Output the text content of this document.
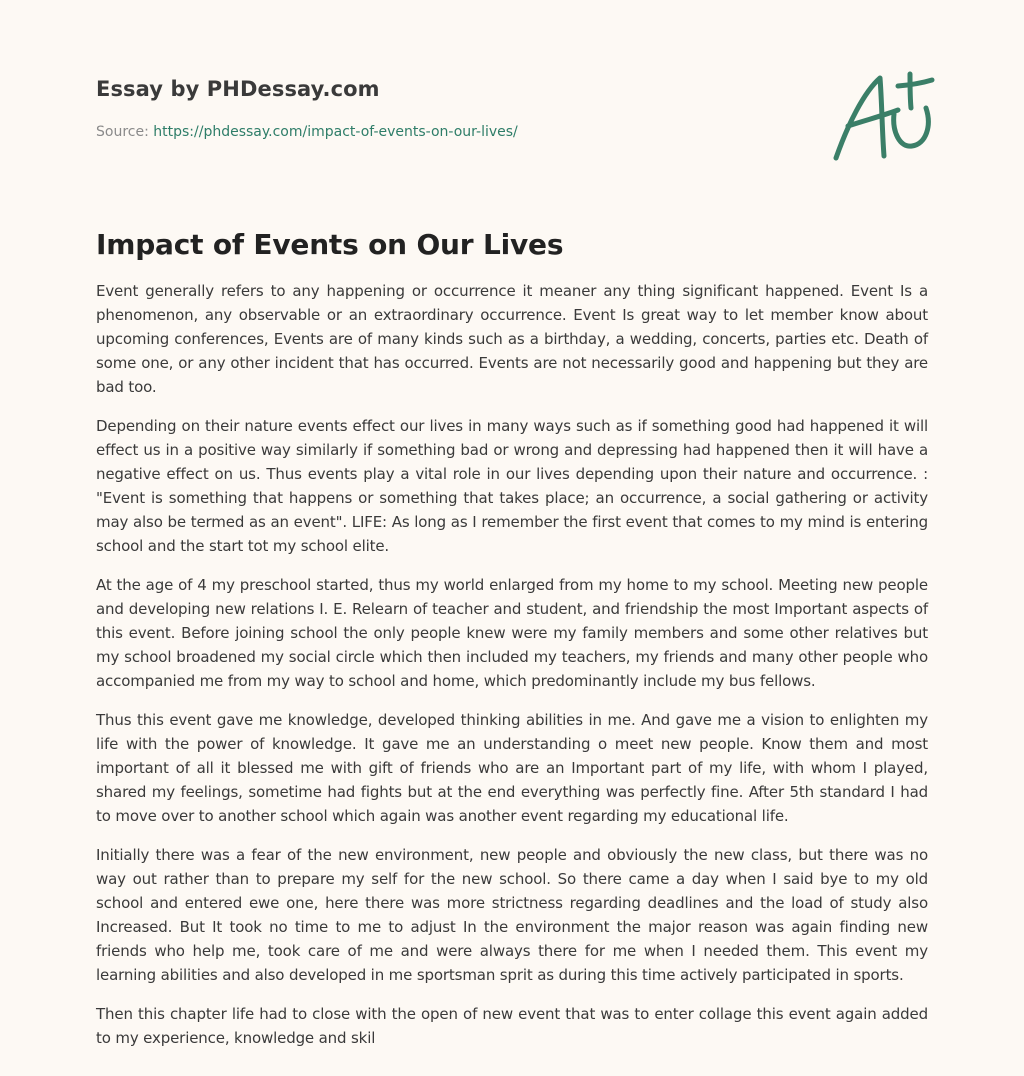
Essay by PHDessay.com
Source: https://phdessay.com/impact-of-events-on-our-lives/
Impact of Events on Our Lives

Event generally refers to any happening or occurrence it meaner any thing significant happened. Event Is a phenomenon, any observable or an extraordinary occurrence. Event Is great way to let member know about upcoming conferences, Events are of many kinds such as a birthday, a wedding, concerts, parties etc. Death of some one, or any other incident that has occurred. Events are not necessarily good and happening but they are bad too.

Depending on their nature events effect our lives in many ways such as if something good had happened it will effect us in a positive way similarly if something bad or wrong and depressing had happened then it will have a negative effect on us. Thus events play a vital role in our lives depending upon their nature and occurrence. : "Event is something that happens or something that takes place; an occurrence, a social gathering or activity may also be termed as an event". LIFE: As long as I remember the first event that comes to my mind is entering school and the start tot my school elite.

At the age of 4 my preschool started, thus my world enlarged from my home to my school. Meeting new people and developing new relations I. E. Relearn of teacher and student, and friendship the most Important aspects of this event. Before joining school the only people knew were my family members and some other relatives but my school broadened my social circle which then included my teachers, my friends and many other people who accompanied me from my way to school and home, which predominantly include my bus fellows.

Thus this event gave me knowledge, developed thinking abilities in me. And gave me a vision to enlighten my life with the power of knowledge. It gave me an understanding o meet new people. Know them and most important of all it blessed me with gift of friends who are an Important part of my life, with whom I played, shared my feelings, sometime had fights but at the end everything was perfectly fine. After 5th standard I had to move over to another school which again was another event regarding my educational life.

Initially there was a fear of the new environment, new people and obviously the new class, but there was no way out rather than to prepare my self for the new school. So there came a day when I said bye to my old school and entered ewe one, here there was more strictness regarding deadlines and the load of study also Increased. But It took no time to me to adjust In the environment the major reason was again finding new friends who help me, took care of me and were always there for me when I needed them. This event my learning abilities and also developed in me sportsman sprit as during this time actively participated in sports.

Then this chapter life had to close with the open of new event that was to enter collage this event again added to my experience, knowledge and skil
